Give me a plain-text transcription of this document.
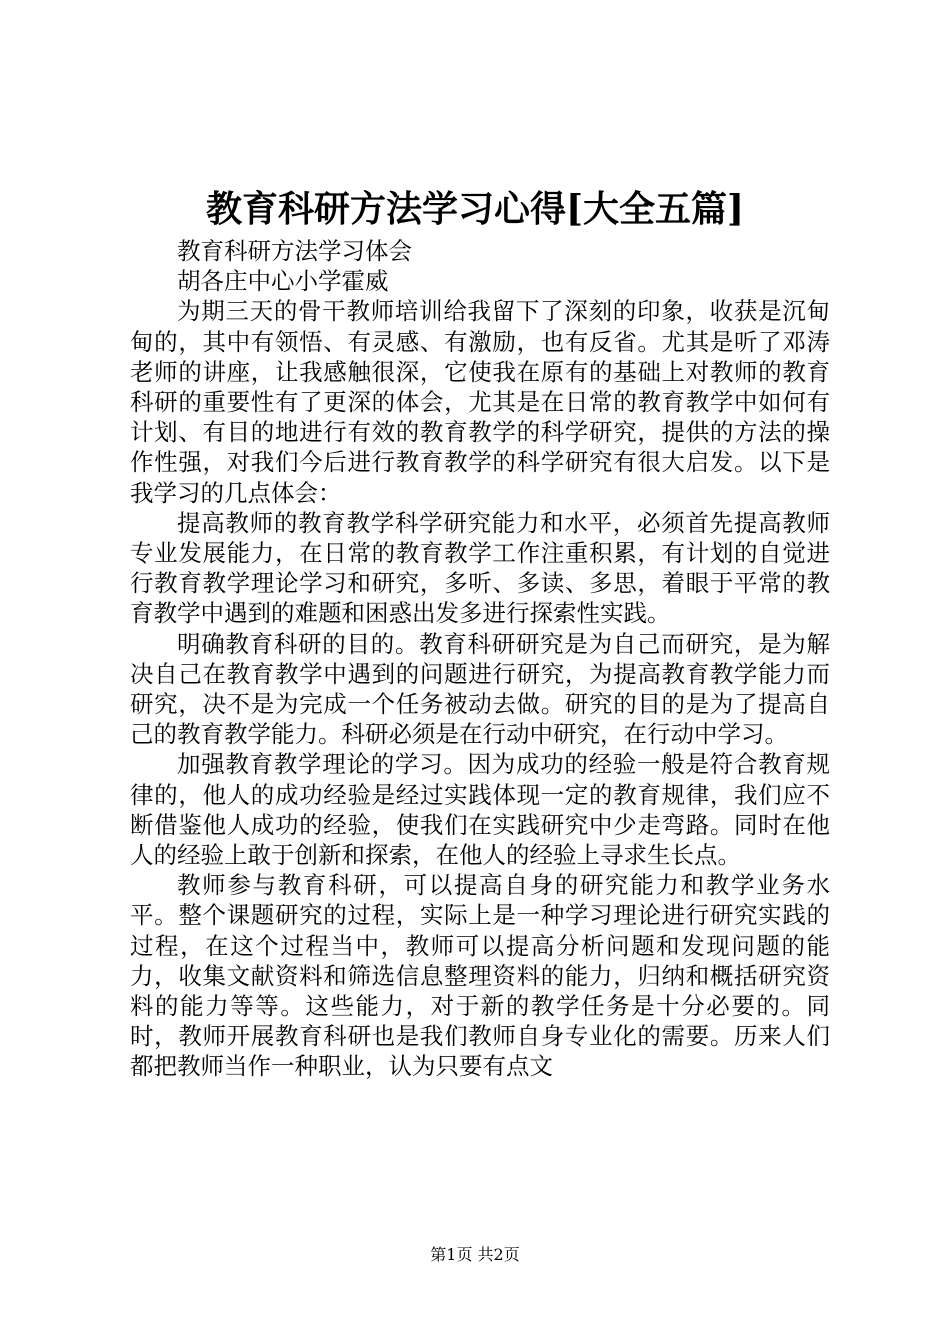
教育科研方法学习心得[大全五篇]

教育科研方法学习体会

胡各庄中心小学霍威

为期三天的骨干教师培训给我留下了深刻的印象，收获是沉甸甸的，其中有领悟、有灵感、有激励，也有反省。尤其是听了邓涛老师的讲座，让我感触很深，它使我在原有的基础上对教师的教育科研的重要性有了更深的体会，尤其是在日常的教育教学中如何有计划、有目的地进行有效的教育教学的科学研究，提供的方法的操作性强，对我们今后进行教育教学的科学研究有很大启发。以下是我学习的几点体会：

提高教师的教育教学科学研究能力和水平，必须首先提高教师专业发展能力，在日常的教育教学工作注重积累，有计划的自觉进行教育教学理论学习和研究，多听、多读、多思，着眼于平常的教育教学中遇到的难题和困惑出发多进行探索性实践。

明确教育科研的目的。教育科研研究是为自己而研究，是为解决自己在教育教学中遇到的问题进行研究，为提高教育教学能力而研究，决不是为完成一个任务被动去做。研究的目的是为了提高自己的教育教学能力。科研必须是在行动中研究，在行动中学习。

加强教育教学理论的学习。因为成功的经验一般是符合教育规律的，他人的成功经验是经过实践体现一定的教育规律，我们应不断借鉴他人成功的经验，使我们在实践研究中少走弯路。同时在他人的经验上敢于创新和探索，在他人的经验上寻求生长点。

教师参与教育科研，可以提高自身的研究能力和教学业务水平。整个课题研究的过程，实际上是一种学习理论进行研究实践的过程，在这个过程当中，教师可以提高分析问题和发现问题的能力，收集文献资料和筛选信息整理资料的能力，归纳和概括研究资料的能力等等。这些能力，对于新的教学任务是十分必要的。同时，教师开展教育科研也是我们教师自身专业化的需要。历来人们都把教师当作一种职业，认为只要有点文

第1页 共2页
